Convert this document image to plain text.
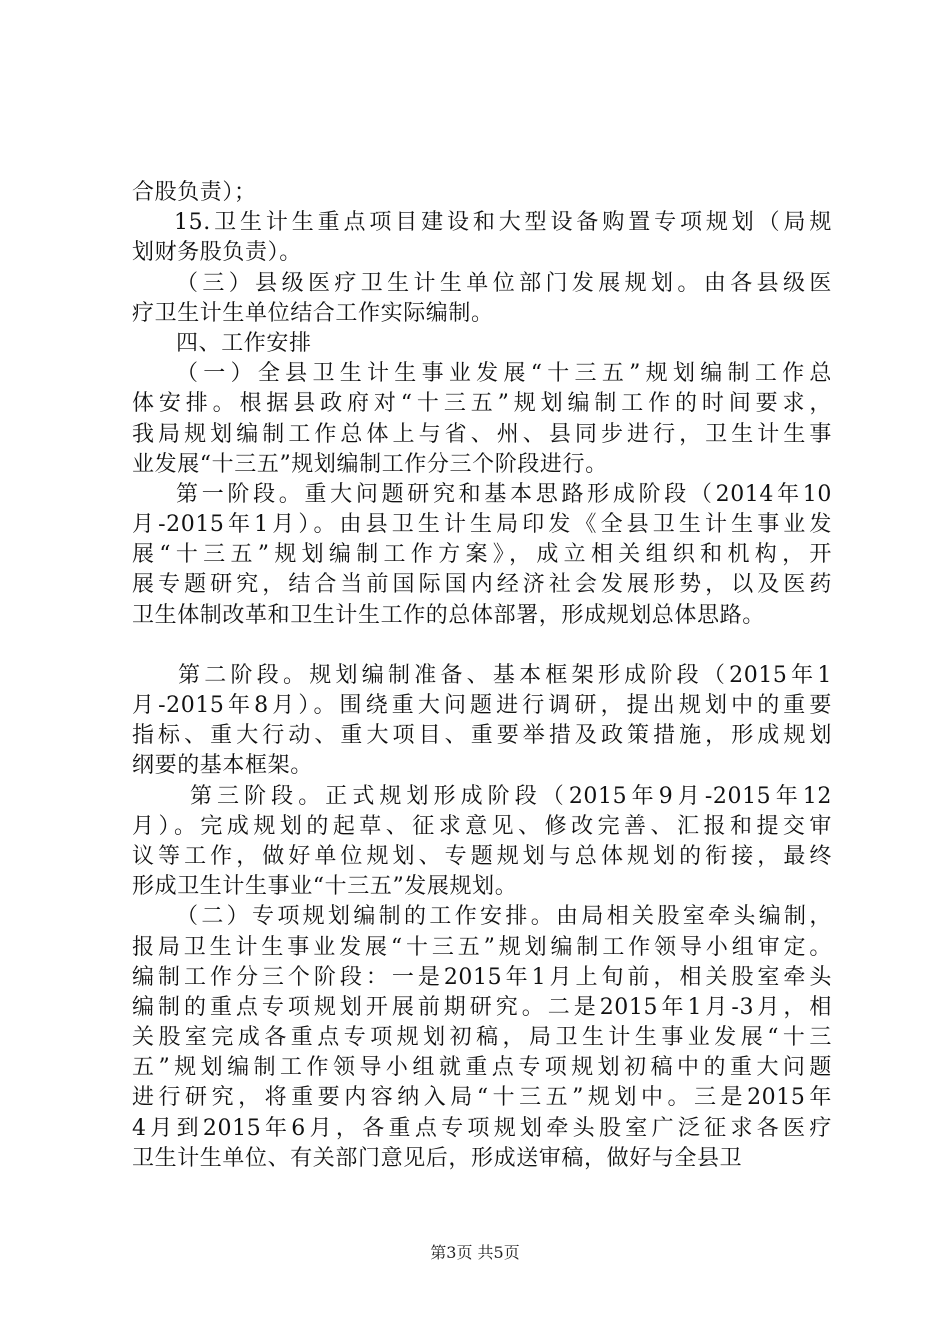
合股负责）；
15.卫生计生重点项目建设和大型设备购置专项规划（局规
划财务股负责）。
（三）县级医疗卫生计生单位部门发展规划。由各县级医
疗卫生计生单位结合工作实际编制。
四、工作安排
（一）全县卫生计生事业发展“十三五”规划编制工作总
体安排。根据县政府对“十三五”规划编制工作的时间要求，
我局规划编制工作总体上与省、州、县同步进行，卫生计生事
业发展“十三五”规划编制工作分三个阶段进行。
第一阶段。重大问题研究和基本思路形成阶段（2014年10
月-2015年1月）。由县卫生计生局印发《全县卫生计生事业发
展“十三五”规划编制工作方案》，成立相关组织和机构，开
展专题研究，结合当前国际国内经济社会发展形势，以及医药
卫生体制改革和卫生计生工作的总体部署，形成规划总体思路。
第二阶段。规划编制准备、基本框架形成阶段（2015年1
月-2015年8月）。围绕重大问题进行调研，提出规划中的重要
指标、重大行动、重大项目、重要举措及政策措施，形成规划
纲要的基本框架。
第三阶段。正式规划形成阶段（2015年9月-2015年12
月）。完成规划的起草、征求意见、修改完善、汇报和提交审
议等工作，做好单位规划、专题规划与总体规划的衔接，最终
形成卫生计生事业“十三五”发展规划。
（二）专项规划编制的工作安排。由局相关股室牵头编制，
报局卫生计生事业发展“十三五”规划编制工作领导小组审定。
编制工作分三个阶段：一是2015年1月上旬前，相关股室牵头
编制的重点专项规划开展前期研究。二是2015年1月-3月，相
关股室完成各重点专项规划初稿，局卫生计生事业发展“十三
五”规划编制工作领导小组就重点专项规划初稿中的重大问题
进行研究，将重要内容纳入局“十三五”规划中。三是2015年
4月到2015年6月，各重点专项规划牵头股室广泛征求各医疗
卫生计生单位、有关部门意见后，形成送审稿，做好与全县卫
第3页 共5页
